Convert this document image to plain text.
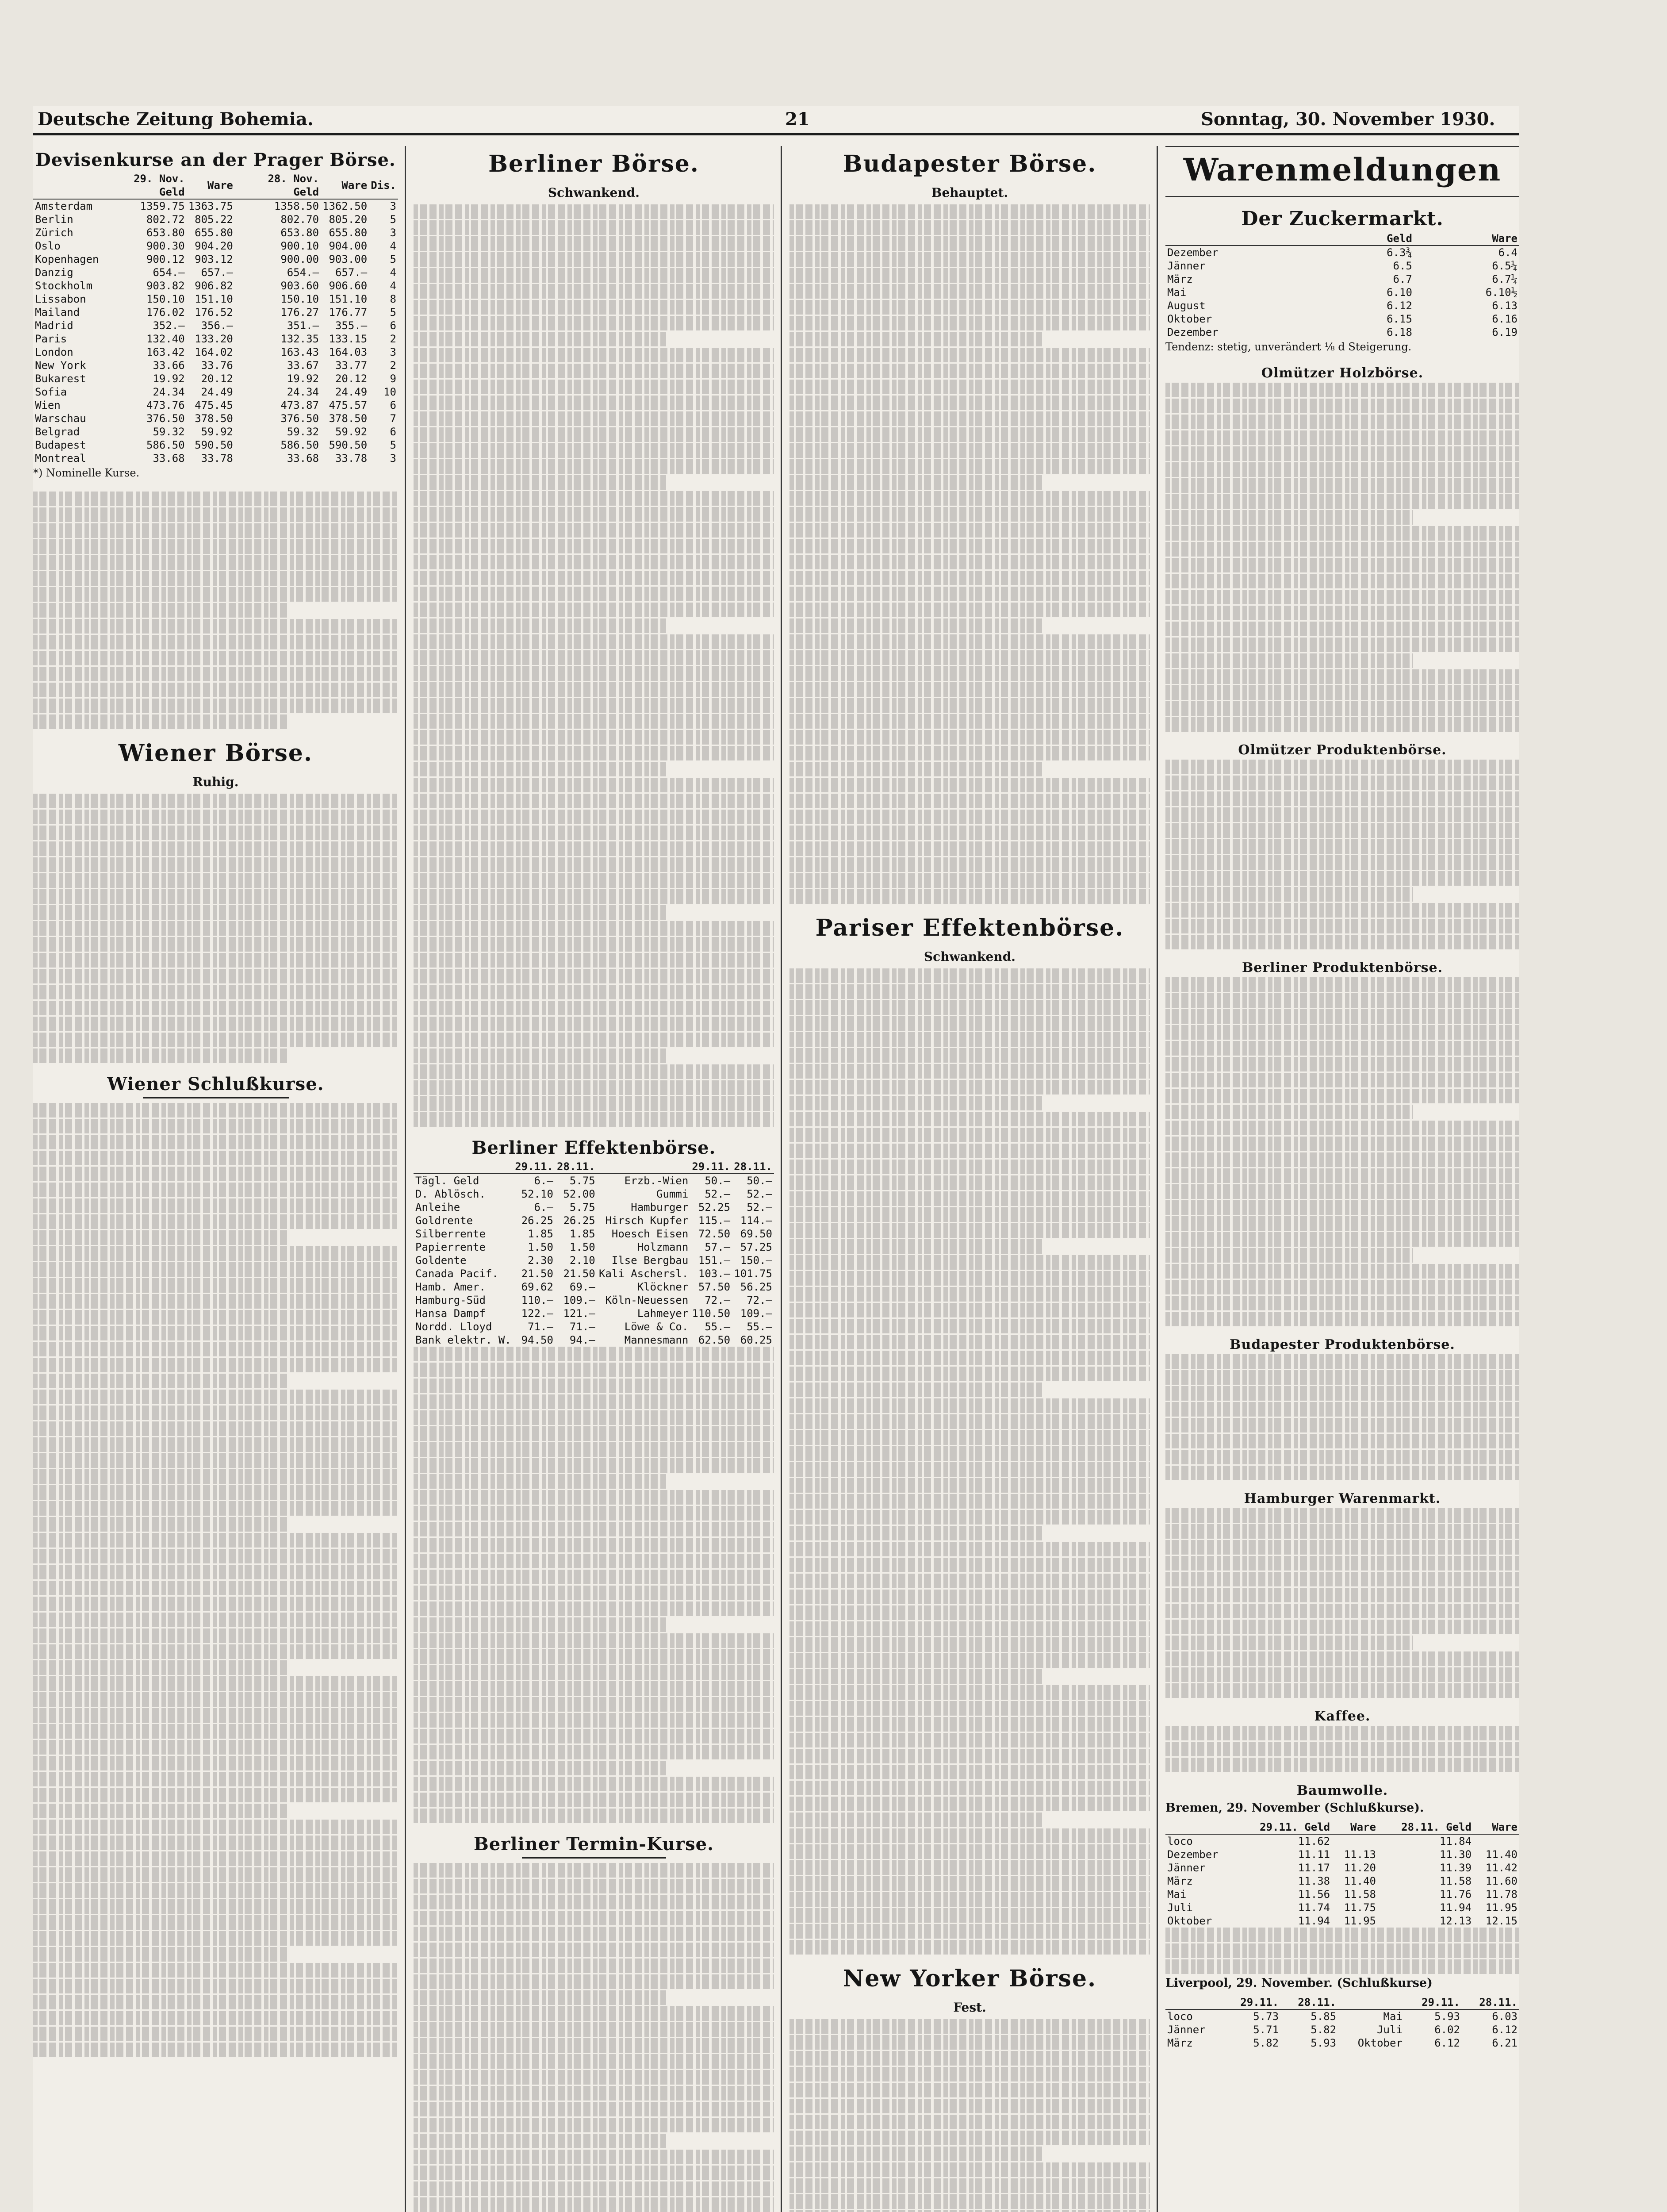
Deutsche Zeitung Bohemia.	21	Sonntag, 30. November 1930.
Devisenkurse an der Prager Börse.
	29. Nov. Geld	Ware	28. Nov. Geld	Ware	Dis.
Amsterdam	1359.75	1363.75	1358.50	1362.50	3
Berlin	802.72	805.22	802.70	805.20	5
Zürich	653.80	655.80	653.80	655.80	3
Oslo	900.30	904.20	900.10	904.00	4
Kopenhagen	900.12	903.12	900.00	903.00	5
Danzig	654.—	657.—	654.—	657.—	4
Stockholm	903.82	906.82	903.60	906.60	4
Lissabon	150.10	151.10	150.10	151.10	8
Mailand	176.02	176.52	176.27	176.77	5
Madrid	352.—	356.—	351.—	355.—	6
Paris	132.40	133.20	132.35	133.15	2
London	163.42	164.02	163.43	164.03	3
New York	33.66	33.76	33.67	33.77	2
Bukarest	19.92	20.12	19.92	20.12	9
Sofia	24.34	24.49	24.34	24.49	10
Wien	473.76	475.45	473.87	475.57	6
Warschau	376.50	378.50	376.50	378.50	7
Belgrad	59.32	59.92	59.32	59.92	6
Budapest	586.50	590.50	586.50	590.50	5
Montreal	33.68	33.78	33.68	33.78	3
*) Nominelle Kurse.
Wiener Börse.
Ruhig.
Wiener Schlußkurse.
Berliner Börse.
Schwankend.
Berliner Effektenbörse.
	29.11.	28.11.		29.11.	28.11.
Tägl. Geld	6.—	5.75	Erzb.-Wien	50.—	50.—
D. Ablösch.	52.10	52.00	Gummi	52.—	52.—
Anleihe	6.—	5.75	Hamburger	52.25	52.—
Goldrente	26.25	26.25	Hirsch Kupfer	115.—	114.—
Silberrente	1.85	1.85	Hoesch Eisen	72.50	69.50
Papierrente	1.50	1.50	Holzmann	57.—	57.25
Goldente	2.30	2.10	Ilse Bergbau	151.—	150.—
Canada Pacif.	21.50	21.50	Kali Aschersl.	103.—	101.75
Hamb. Amer.	69.62	69.—	Klöckner	57.50	56.25
Hamburg-Süd	110.—	109.—	Köln-Neuessen	72.—	72.—
Hansa Dampf	122.—	121.—	Lahmeyer	110.50	109.—
Nordd. Lloyd	71.—	71.—	Löwe & Co.	55.—	55.—
Bank elektr. W.	94.50	94.—	Mannesmann	62.50	60.25
Berliner Termin-Kurse.
Budapester Börse.
Behauptet.
Pariser Effektenbörse.
Schwankend.
New Yorker Börse.
Fest.
Warenmeldungen
Der Zuckermarkt.
	Geld	Ware
Dezember	6.3¾	6.4
Jänner	6.5	6.5¼
März	6.7	6.7¼
Mai	6.10	6.10½
August	6.12	6.13
Oktober	6.15	6.16
Dezember	6.18	6.19
Tendenz: stetig, unverändert ⅛ d Steigerung.
Olmützer Holzbörse.
Olmützer Produktenbörse.
Berliner Produktenbörse.
Budapester Produktenbörse.
Hamburger Warenmarkt.
Kaffee.
Baumwolle.
Bremen, 29. November (Schlußkurse).
	29.11. Geld	Ware	28.11. Geld	Ware
loco	11.62		11.84	
Dezember	11.11	11.13	11.30	11.40
Jänner	11.17	11.20	11.39	11.42
März	11.38	11.40	11.58	11.60
Mai	11.56	11.58	11.76	11.78
Juli	11.74	11.75	11.94	11.95
Oktober	11.94	11.95	12.13	12.15
Liverpool, 29. November. (Schlußkurse)
	29.11.	28.11.		29.11.	28.11.
loco	5.73	5.85	Mai	5.93	6.03
Jänner	5.71	5.82	Juli	6.02	6.12
März	5.82	5.93	Oktober	6.12	6.21
